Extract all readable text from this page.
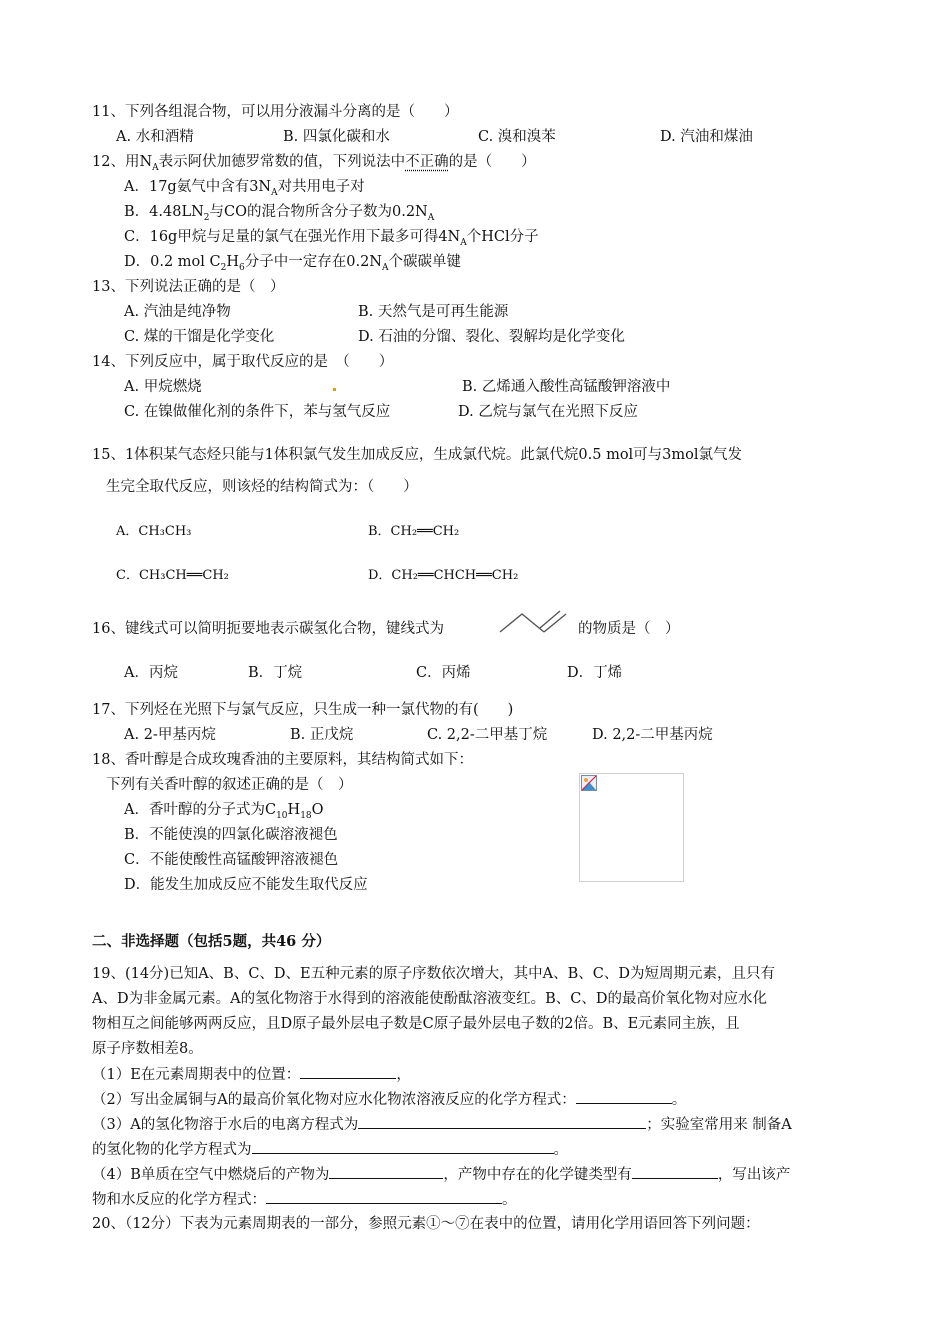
11、下列各组混合物，可以用分液漏斗分离的是（　　）
A. 水和酒精	B. 四氯化碳和水	C. 溴和溴苯	D. 汽油和煤油
12、用$N_A$表示阿伏加德罗常数的值，下列说法中不正确的是（　　）
A．17g氨气中含有$3N_A$对共用电子对
B．$4.48LN_2$与CO的混合物所含分子数为$0.2N_A$
C．16g甲烷与足量的氯气在强光作用下最多可得$4N_A$个HCl分子
D．0.2 mol $C_2H_6$分子中一定存在$0.2N_A$个碳碳单键
13、下列说法正确的是（　）
A. 汽油是纯净物	B. 天然气是可再生能源
C. 煤的干馏是化学变化	D. 石油的分馏、裂化、裂解均是化学变化
14、下列反应中，属于取代反应的是　（　　）
A. 甲烷燃烧	B. 乙烯通入酸性高锰酸钾溶液中
C. 在镍做催化剂的条件下，苯与氢气反应	D. 乙烷与氯气在光照下反应
15、1体积某气态烃只能与1体积氯气发生加成反应，生成氯代烷。此氯代烷0.5 mol可与3mol氯气发
生完全取代反应，则该烃的结构简式为：（　　）
A．CH₃CH₃	B．CH₂══CH₂
C．CH₃CH══CH₂	D．CH₂══CHCH══CH₂
16、键线式可以简明扼要地表示碳氢化合物，键线式为	的物质是（　）
A．丙烷	B．丁烷	C．丙烯	D．丁烯
17、下列烃在光照下与氯气反应，只生成一种一氯代物的有(　　)
A. 2-甲基丙烷	B. 正戊烷	C. 2,2-二甲基丁烷	D. 2,2-二甲基丙烷
18、香叶醇是合成玫瑰香油的主要原料，其结构简式如下：
下列有关香叶醇的叙述正确的是（　）
A．香叶醇的分子式为$C_{10}H_{18}O$
B．不能使溴的四氯化碳溶液褪色
C．不能使酸性高锰酸钾溶液褪色
D．能发生加成反应不能发生取代反应
二、非选择题（包括5题，共46 分）
19、(14分)已知A、B、C、D、E五种元素的原子序数依次增大，其中A、B、C、D为短周期元素，且只有
A、D为非金属元素。A的氢化物溶于水得到的溶液能使酚酞溶液变红。B、C、D的最高价氧化物对应水化
物相互之间能够两两反应，且D原子最外层电子数是C原子最外层电子数的2倍。B、E元素同主族，且
原子序数相差8。
（1）E在元素周期表中的位置：	，
（2）写出金属铜与A的最高价氧化物对应水化物浓溶液反应的化学方程式：	。
（3）A的氢化物溶于水后的电离方程式为	；实验室常用来 制备A
的氢化物的化学方程式为	。
（4）B单质在空气中燃烧后的产物为	，产物中存在的化学键类型有	，写出该产
物和水反应的化学方程式：	。
20、（12分）下表为元素周期表的一部分，参照元素①～⑦在表中的位置，请用化学用语回答下列问题：
